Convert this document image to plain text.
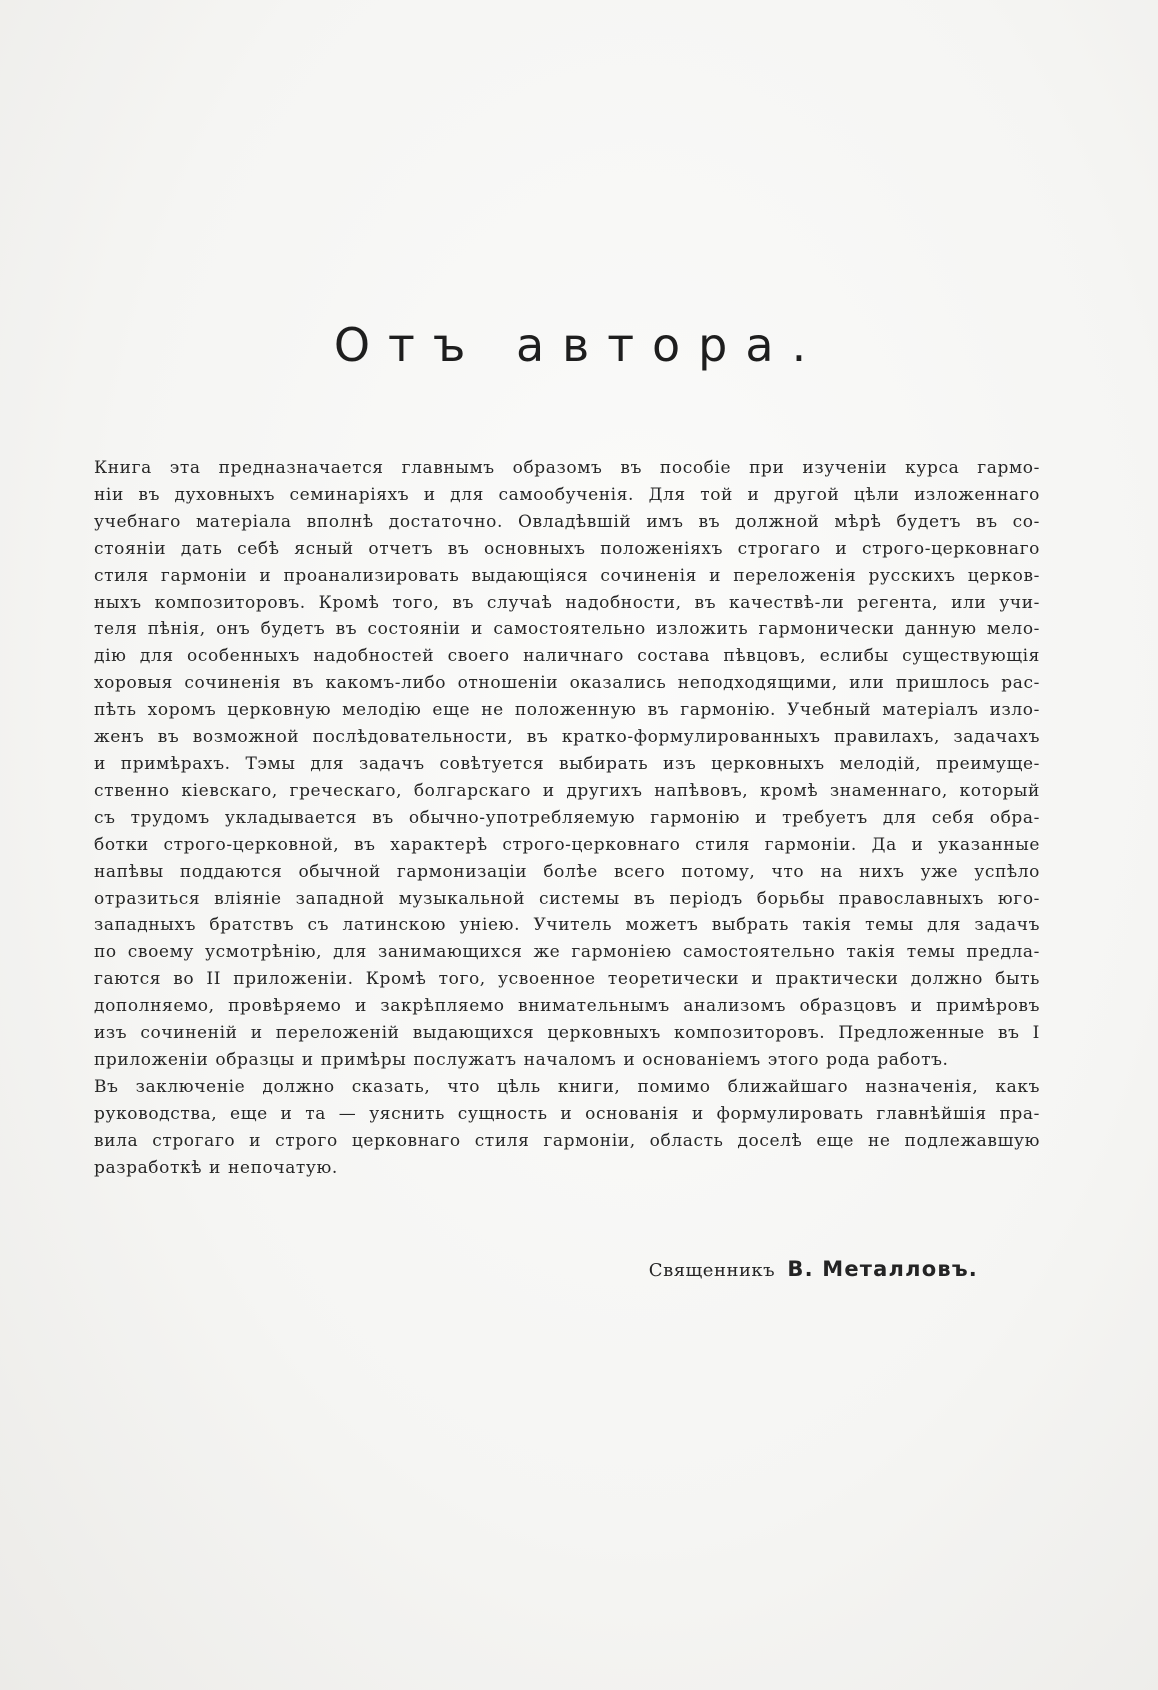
Отъ автора.

Книга эта предназначается главнымъ образомъ въ пособіе при изученіи курса гармо-
ніи въ духовныхъ семинаріяхъ и для самообученія. Для той и другой цѣли изложеннаго
учебнаго матеріала вполнѣ достаточно. Овладѣвшій имъ въ должной мѣрѣ будетъ въ со-
стояніи дать себѣ ясный отчетъ въ основныхъ положеніяхъ строгаго и строго-церковнаго
стиля гармоніи и проанализировать выдающіяся сочиненія и переложенія русскихъ церков-
ныхъ композиторовъ. Кромѣ того, въ случаѣ надобности, въ качествѣ-ли регента, или учи-
теля пѣнія, онъ будетъ въ состояніи и самостоятельно изложить гармонически данную мело-
дію для особенныхъ надобностей своего наличнаго состава пѣвцовъ, еслибы существующія
хоровыя сочиненія въ какомъ-либо отношеніи оказались неподходящими, или пришлось рас-
пѣть хоромъ церковную мелодію еще не положенную въ гармонію. Учебный матеріалъ изло-
женъ въ возможной послѣдовательности, въ кратко-формулированныхъ правилахъ, задачахъ
и примѣрахъ. Тэмы для задачъ совѣтуется выбирать изъ церковныхъ мелодій, преимуще-
ственно кіевскаго, греческаго, болгарскаго и другихъ напѣвовъ, кромѣ знаменнаго, который
съ трудомъ укладывается въ обычно-употребляемую гармонію и требуетъ для себя обра-
ботки строго-церковной, въ характерѣ строго-церковнаго стиля гармоніи. Да и указанные
напѣвы поддаются обычной гармонизаціи болѣе всего потому, что на нихъ уже успѣло
отразиться вліяніе западной музыкальной системы въ періодъ борьбы православныхъ юго-
западныхъ братствъ съ латинскою уніею. Учитель можетъ выбрать такія темы для задачъ
по своему усмотрѣнію, для занимающихся же гармоніею самостоятельно такія темы предла-
гаются во II приложеніи. Кромѣ того, усвоенное теоретически и практически должно быть
дополняемо, провѣряемо и закрѣпляемо внимательнымъ анализомъ образцовъ и примѣровъ
изъ сочиненій и переложеній выдающихся церковныхъ композиторовъ. Предложенные въ I
приложеніи образцы и примѣры послужатъ началомъ и основаніемъ этого рода работъ.

Въ заключеніе должно сказать, что цѣль книги, помимо ближайшаго назначенія, какъ
руководства, еще и та — уяснить сущность и основанія и формулировать главнѣйшія пра-
вила строгаго и строго церковнаго стиля гармоніи, область доселѣ еще не подлежавшую
разработкѣ и непочатую.

Священникъ В. Металловъ.
